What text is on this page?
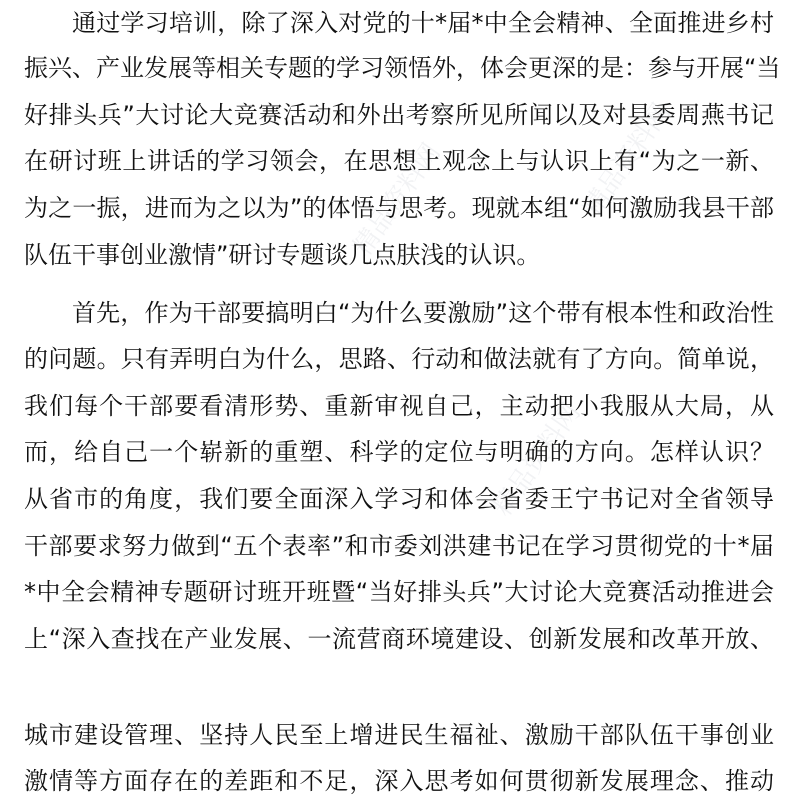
精品资料网
精品资料网
精品资料网
通过学习培训，除了深入对党的十*届*中全会精神、全面推进乡村
振兴、产业发展等相关专题的学习领悟外，体会更深的是：参与开展“当
好排头兵”大讨论大竞赛活动和外出考察所见所闻以及对县委周燕书记
在研讨班上讲话的学习领会，在思想上观念上与认识上有“为之一新、
为之一振，进而为之以为”的体悟与思考。现就本组“如何激励我县干部
队伍干事创业激情”研讨专题谈几点肤浅的认识。
首先，作为干部要搞明白“为什么要激励”这个带有根本性和政治性
的问题。只有弄明白为什么，思路、行动和做法就有了方向。简单说，
我们每个干部要看清形势、重新审视自己，主动把小我服从大局，从
而，给自己一个崭新的重塑、科学的定位与明确的方向。怎样认识？
从省市的角度，我们要全面深入学习和体会省委王宁书记对全省领导
干部要求努力做到“五个表率”和市委刘洪建书记在学习贯彻党的十*届
*中全会精神专题研讨班开班暨“当好排头兵”大讨论大竞赛活动推进会
上“深入查找在产业发展、一流营商环境建设、创新发展和改革开放、
城市建设管理、坚持人民至上增进民生福祉、激励干部队伍干事创业
激情等方面存在的差距和不足，深入思考如何贯彻新发展理念、推动
